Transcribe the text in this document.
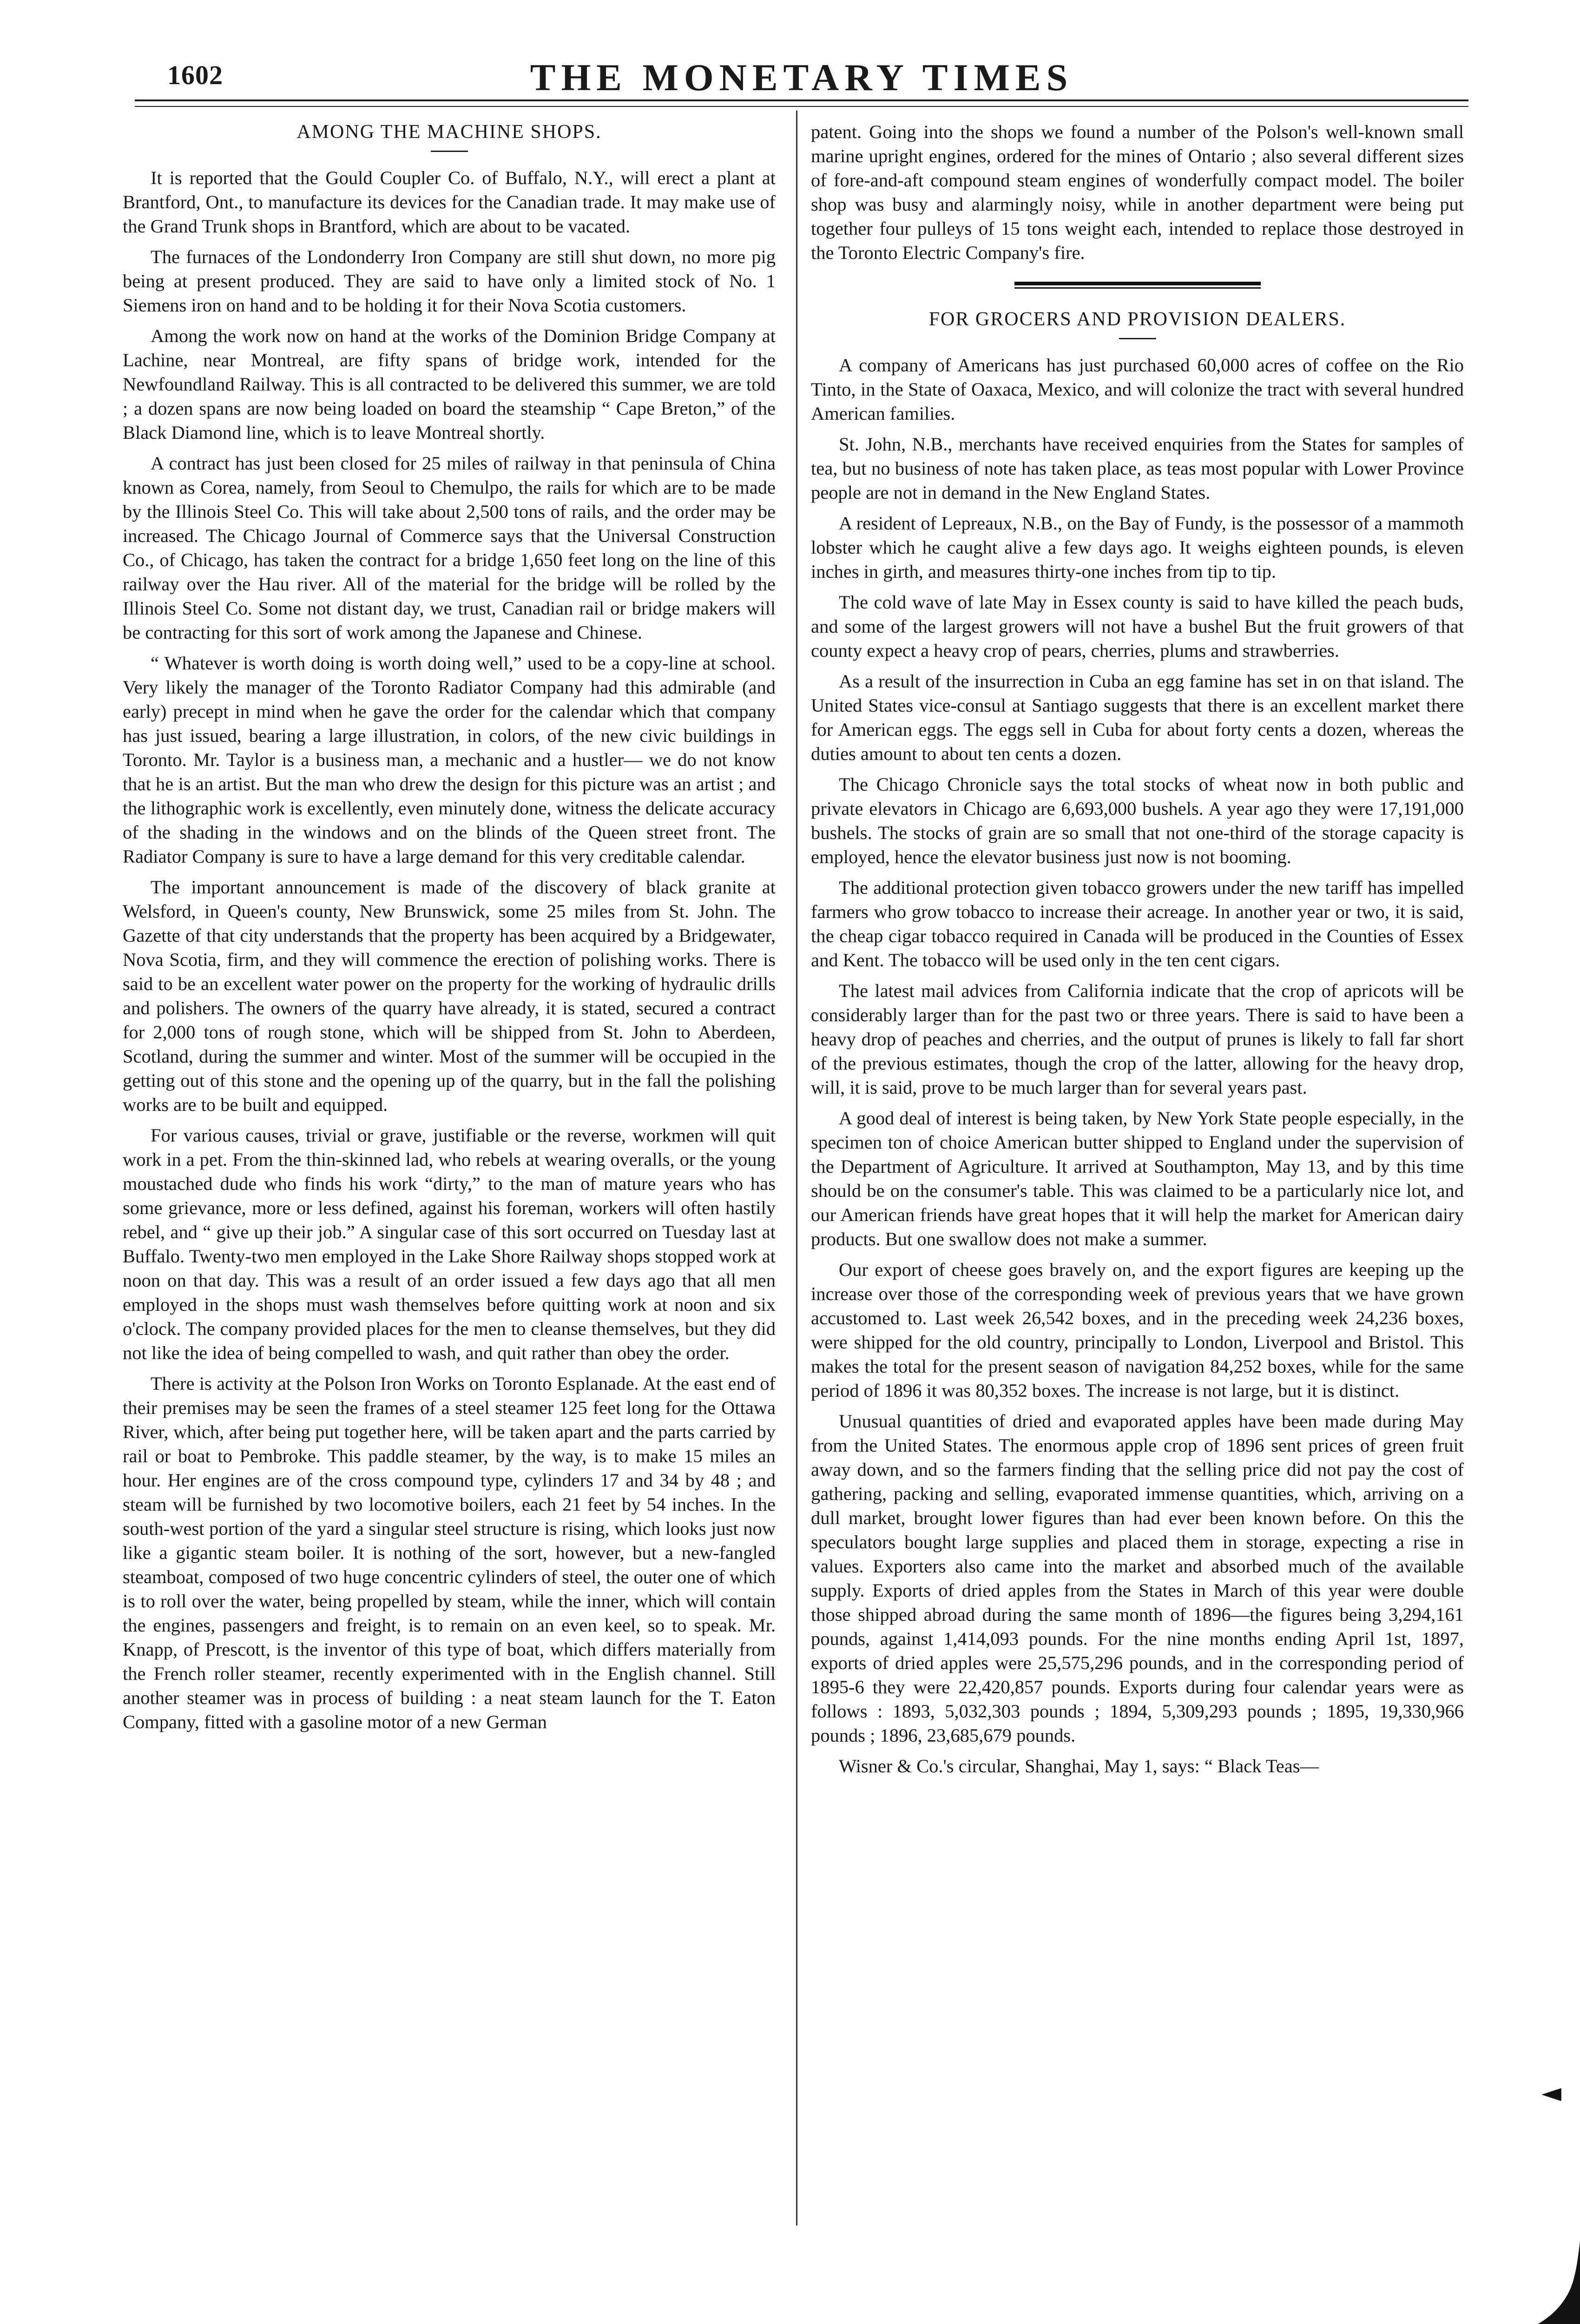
1602	THE MONETARY TIMES

AMONG THE MACHINE SHOPS.

It is reported that the Gould Coupler Co. of Buffalo, N.Y., will erect a plant at Brantford, Ont., to manufacture its devices for the Canadian trade. It may make use of the Grand Trunk shops in Brantford, which are about to be vacated.

The furnaces of the Londonderry Iron Company are still shut down, no more pig being at present produced. They are said to have only a limited stock of No. 1 Siemens iron on hand and to be holding it for their Nova Scotia customers.

Among the work now on hand at the works of the Dominion Bridge Company at Lachine, near Montreal, are fifty spans of bridge work, intended for the Newfoundland Railway. This is all contracted to be delivered this summer, we are told ; a dozen spans are now being loaded on board the steamship “ Cape Breton,” of the Black Diamond line, which is to leave Montreal shortly.

A contract has just been closed for 25 miles of railway in that peninsula of China known as Corea, namely, from Seoul to Chemulpo, the rails for which are to be made by the Illinois Steel Co. This will take about 2,500 tons of rails, and the order may be increased. The Chicago Journal of Commerce says that the Universal Construction Co., of Chicago, has taken the contract for a bridge 1,650 feet long on the line of this railway over the Hau river. All of the material for the bridge will be rolled by the Illinois Steel Co. Some not distant day, we trust, Canadian rail or bridge makers will be contracting for this sort of work among the Japanese and Chinese.

“ Whatever is worth doing is worth doing well,” used to be a copy-line at school. Very likely the manager of the Toronto Radiator Company had this admirable (and early) precept in mind when he gave the order for the calendar which that company has just issued, bearing a large illustration, in colors, of the new civic buildings in Toronto. Mr. Taylor is a business man, a mechanic and a hustler— we do not know that he is an artist. But the man who drew the design for this picture was an artist ; and the lithographic work is excellently, even minutely done, witness the delicate accuracy of the shading in the windows and on the blinds of the Queen street front. The Radiator Company is sure to have a large demand for this very creditable calendar.

The important announcement is made of the discovery of black granite at Welsford, in Queen's county, New Brunswick, some 25 miles from St. John. The Gazette of that city understands that the property has been acquired by a Bridgewater, Nova Scotia, firm, and they will commence the erection of polishing works. There is said to be an excellent water power on the property for the working of hydraulic drills and polishers. The owners of the quarry have already, it is stated, secured a contract for 2,000 tons of rough stone, which will be shipped from St. John to Aberdeen, Scotland, during the summer and winter. Most of the summer will be occupied in the getting out of this stone and the opening up of the quarry, but in the fall the polishing works are to be built and equipped.

For various causes, trivial or grave, justifiable or the reverse, workmen will quit work in a pet. From the thin-skinned lad, who rebels at wearing overalls, or the young moustached dude who finds his work “dirty,” to the man of mature years who has some grievance, more or less defined, against his foreman, workers will often hastily rebel, and “ give up their job.” A singular case of this sort occurred on Tuesday last at Buffalo. Twenty-two men employed in the Lake Shore Railway shops stopped work at noon on that day. This was a result of an order issued a few days ago that all men employed in the shops must wash themselves before quitting work at noon and six o'clock. The company provided places for the men to cleanse themselves, but they did not like the idea of being compelled to wash, and quit rather than obey the order.

There is activity at the Polson Iron Works on Toronto Esplanade. At the east end of their premises may be seen the frames of a steel steamer 125 feet long for the Ottawa River, which, after being put together here, will be taken apart and the parts carried by rail or boat to Pembroke. This paddle steamer, by the way, is to make 15 miles an hour. Her engines are of the cross compound type, cylinders 17 and 34 by 48 ; and steam will be furnished by two locomotive boilers, each 21 feet by 54 inches. In the south-west portion of the yard a singular steel structure is rising, which looks just now like a gigantic steam boiler. It is nothing of the sort, however, but a new-fangled steamboat, composed of two huge concentric cylinders of steel, the outer one of which is to roll over the water, being propelled by steam, while the inner, which will contain the engines, passengers and freight, is to remain on an even keel, so to speak. Mr. Knapp, of Prescott, is the inventor of this type of boat, which differs materially from the French roller steamer, recently experimented with in the English channel. Still another steamer was in process of building : a neat steam launch for the T. Eaton Company, fitted with a gasoline motor of a new German

patent. Going into the shops we found a number of the Polson's well-known small marine upright engines, ordered for the mines of Ontario ; also several different sizes of fore-and-aft compound steam engines of wonderfully compact model. The boiler shop was busy and alarmingly noisy, while in another department were being put together four pulleys of 15 tons weight each, intended to replace those destroyed in the Toronto Electric Company's fire.

FOR GROCERS AND PROVISION DEALERS.

A company of Americans has just purchased 60,000 acres of coffee on the Rio Tinto, in the State of Oaxaca, Mexico, and will colonize the tract with several hundred American families.

St. John, N.B., merchants have received enquiries from the States for samples of tea, but no business of note has taken place, as teas most popular with Lower Province people are not in demand in the New England States.

A resident of Lepreaux, N.B., on the Bay of Fundy, is the possessor of a mammoth lobster which he caught alive a few days ago. It weighs eighteen pounds, is eleven inches in girth, and measures thirty-one inches from tip to tip.

The cold wave of late May in Essex county is said to have killed the peach buds, and some of the largest growers will not have a bushel But the fruit growers of that county expect a heavy crop of pears, cherries, plums and strawberries.

As a result of the insurrection in Cuba an egg famine has set in on that island. The United States vice-consul at Santiago suggests that there is an excellent market there for American eggs. The eggs sell in Cuba for about forty cents a dozen, whereas the duties amount to about ten cents a dozen.

The Chicago Chronicle says the total stocks of wheat now in both public and private elevators in Chicago are 6,693,000 bushels. A year ago they were 17,191,000 bushels. The stocks of grain are so small that not one-third of the storage capacity is employed, hence the elevator business just now is not booming.

The additional protection given tobacco growers under the new tariff has impelled farmers who grow tobacco to increase their acreage. In another year or two, it is said, the cheap cigar tobacco required in Canada will be produced in the Counties of Essex and Kent. The tobacco will be used only in the ten cent cigars.

The latest mail advices from California indicate that the crop of apricots will be considerably larger than for the past two or three years. There is said to have been a heavy drop of peaches and cherries, and the output of prunes is likely to fall far short of the previous estimates, though the crop of the latter, allowing for the heavy drop, will, it is said, prove to be much larger than for several years past.

A good deal of interest is being taken, by New York State people especially, in the specimen ton of choice American butter shipped to England under the supervision of the Department of Agriculture. It arrived at Southampton, May 13, and by this time should be on the consumer's table. This was claimed to be a particularly nice lot, and our American friends have great hopes that it will help the market for American dairy products. But one swallow does not make a summer.

Our export of cheese goes bravely on, and the export figures are keeping up the increase over those of the corresponding week of previous years that we have grown accustomed to. Last week 26,542 boxes, and in the preceding week 24,236 boxes, were shipped for the old country, principally to London, Liverpool and Bristol. This makes the total for the present season of navigation 84,252 boxes, while for the same period of 1896 it was 80,352 boxes. The increase is not large, but it is distinct.

Unusual quantities of dried and evaporated apples have been made during May from the United States. The enormous apple crop of 1896 sent prices of green fruit away down, and so the farmers finding that the selling price did not pay the cost of gathering, packing and selling, evaporated immense quantities, which, arriving on a dull market, brought lower figures than had ever been known before. On this the speculators bought large supplies and placed them in storage, expecting a rise in values. Exporters also came into the market and absorbed much of the available supply. Exports of dried apples from the States in March of this year were double those shipped abroad during the same month of 1896—the figures being 3,294,161 pounds, against 1,414,093 pounds. For the nine months ending April 1st, 1897, exports of dried apples were 25,575,296 pounds, and in the corresponding period of 1895-6 they were 22,420,857 pounds. Exports during four calendar years were as follows : 1893, 5,032,303 pounds ; 1894, 5,309,293 pounds ; 1895, 19,330,966 pounds ; 1896, 23,685,679 pounds.

Wisner & Co.'s circular, Shanghai, May 1, says: “ Black Teas—

◄
